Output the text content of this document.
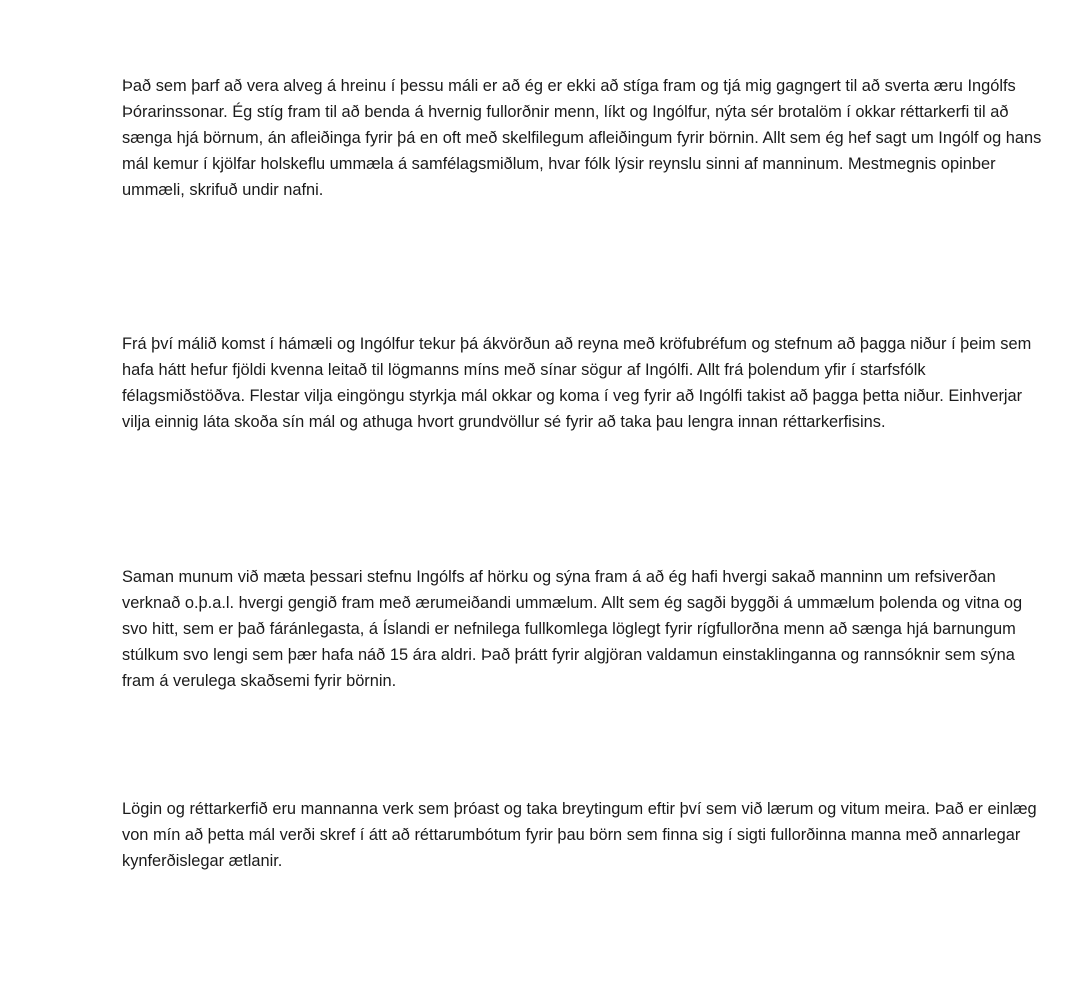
Það sem þarf að vera alveg á hreinu í þessu máli er að ég er ekki að stíga fram og tjá mig gagngert til að sverta æru Ingólfs Þórarinssonar. Ég stíg fram til að benda á hvernig fullorðnir menn, líkt og Ingólfur, nýta sér brotalöm í okkar réttarkerfi til að sænga hjá börnum, án afleiðinga fyrir þá en oft með skelfilegum afleiðingum fyrir börnin. Allt sem ég hef sagt um Ingólf og hans mál kemur í kjölfar holskeflu ummæla á samfélagsmiðlum, hvar fólk lýsir reynslu sinni af manninum. Mestmegnis opinber ummæli, skrifuð undir nafni.

Frá því málið komst í hámæli og Ingólfur tekur þá ákvörðun að reyna með kröfubréfum og stefnum að þagga niður í þeim sem hafa hátt hefur fjöldi kvenna leitað til lögmanns míns með sínar sögur af Ingólfi. Allt frá þolendum yfir í starfsfólk félagsmiðstöðva. Flestar vilja eingöngu styrkja mál okkar og koma í veg fyrir að Ingólfi takist að þagga þetta niður. Einhverjar vilja einnig láta skoða sín mál og athuga hvort grundvöllur sé fyrir að taka þau lengra innan réttarkerfisins.

Saman munum við mæta þessari stefnu Ingólfs af hörku og sýna fram á að ég hafi hvergi sakað manninn um refsiverðan verknað o.þ.a.l. hvergi gengið fram með ærumeiðandi ummælum. Allt sem ég sagði byggði á ummælum þolenda og vitna og svo hitt, sem er það fáránlegasta, á Íslandi er nefnilega fullkomlega löglegt fyrir rígfullorðna menn að sænga hjá barnungum stúlkum svo lengi sem þær hafa náð 15 ára aldri. Það þrátt fyrir algjöran valdamun einstaklinganna og rannsóknir sem sýna fram á verulega skaðsemi fyrir börnin.

Lögin og réttarkerfið eru mannanna verk sem þróast og taka breytingum eftir því sem við lærum og vitum meira. Það er einlæg von mín að þetta mál verði skref í átt að réttarumbótum fyrir þau börn sem finna sig í sigti fullorðinna manna með annarlegar kynferðislegar ætlanir.
